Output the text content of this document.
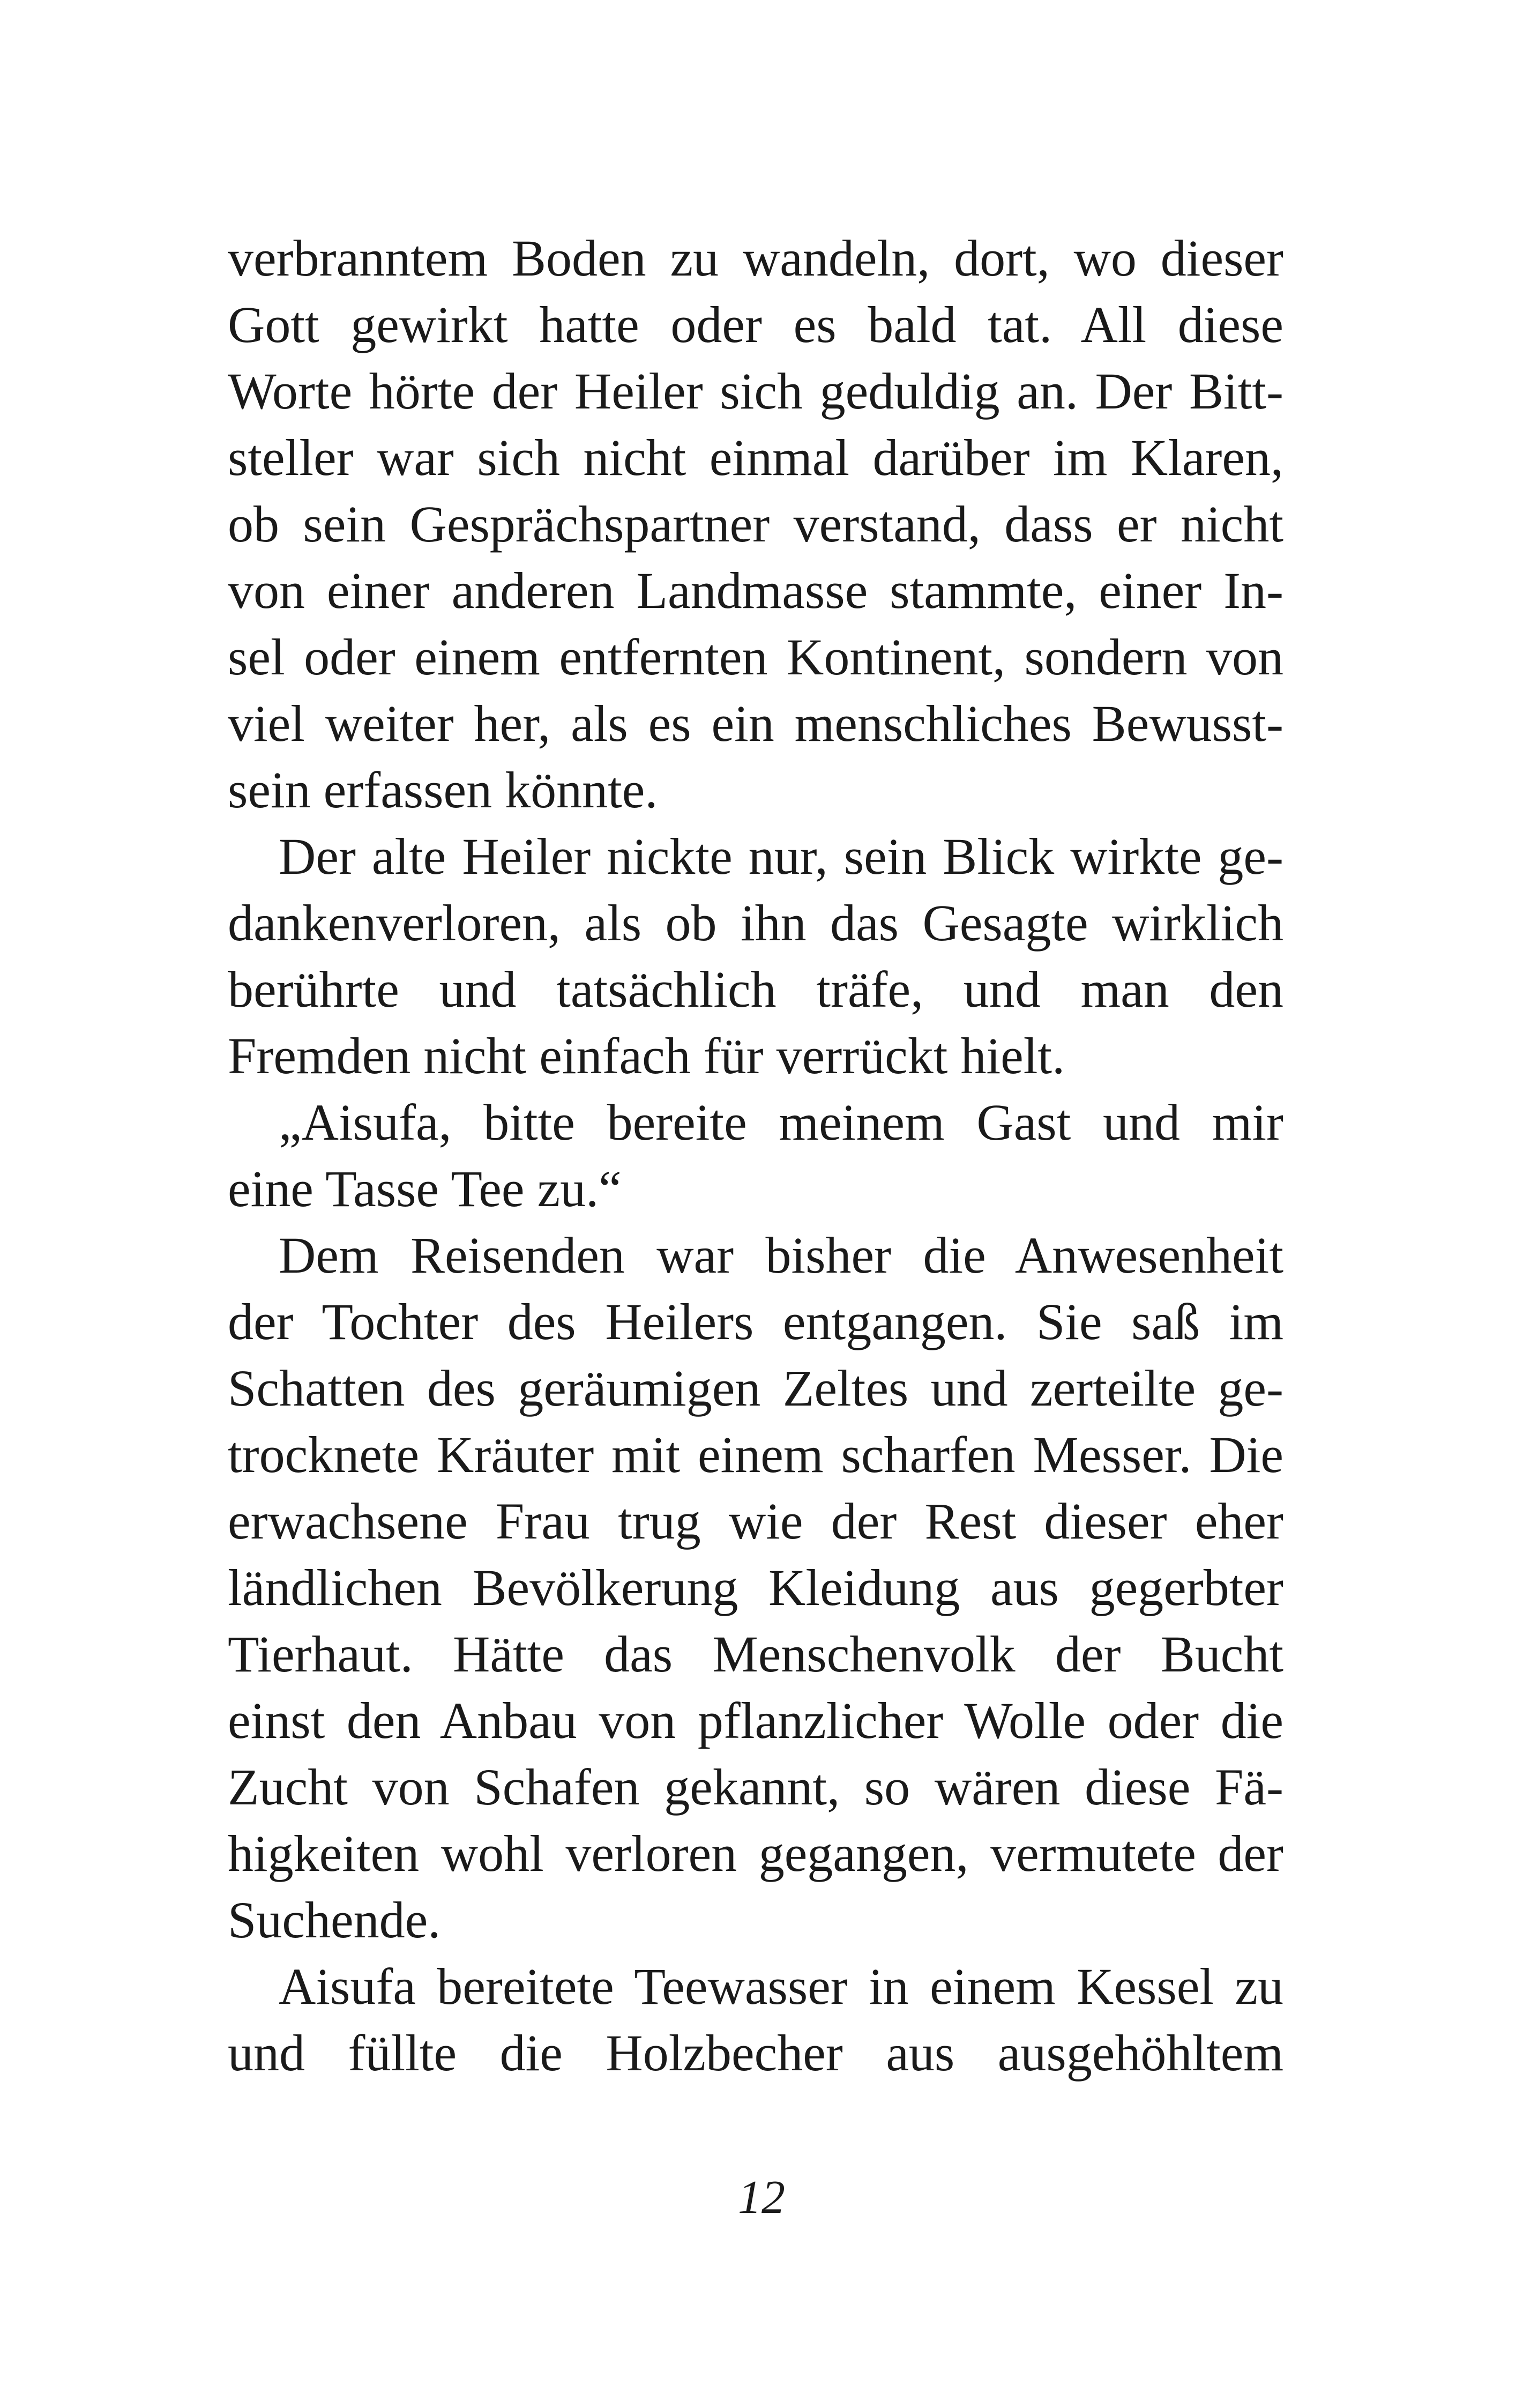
verbranntem Boden zu wandeln, dort, wo dieser
Gott gewirkt hatte oder es bald tat. All diese
Worte hörte der Heiler sich geduldig an. Der Bitt-
steller war sich nicht einmal darüber im Klaren,
ob sein Gesprächspartner verstand, dass er nicht
von einer anderen Landmasse stammte, einer In-
sel oder einem entfernten Kontinent, sondern von
viel weiter her, als es ein menschliches Bewusst-
sein erfassen könnte.
Der alte Heiler nickte nur, sein Blick wirkte ge-
dankenverloren, als ob ihn das Gesagte wirklich
berührte und tatsächlich träfe, und man den
Fremden nicht einfach für verrückt hielt.
„Aisufa, bitte bereite meinem Gast und mir
eine Tasse Tee zu.“
Dem Reisenden war bisher die Anwesenheit
der Tochter des Heilers entgangen. Sie saß im
Schatten des geräumigen Zeltes und zerteilte ge-
trocknete Kräuter mit einem scharfen Messer. Die
erwachsene Frau trug wie der Rest dieser eher
ländlichen Bevölkerung Kleidung aus gegerbter
Tierhaut. Hätte das Menschenvolk der Bucht
einst den Anbau von pflanzlicher Wolle oder die
Zucht von Schafen gekannt, so wären diese Fä-
higkeiten wohl verloren gegangen, vermutete der
Suchende.
Aisufa bereitete Teewasser in einem Kessel zu
und füllte die Holzbecher aus ausgehöhltem
12
